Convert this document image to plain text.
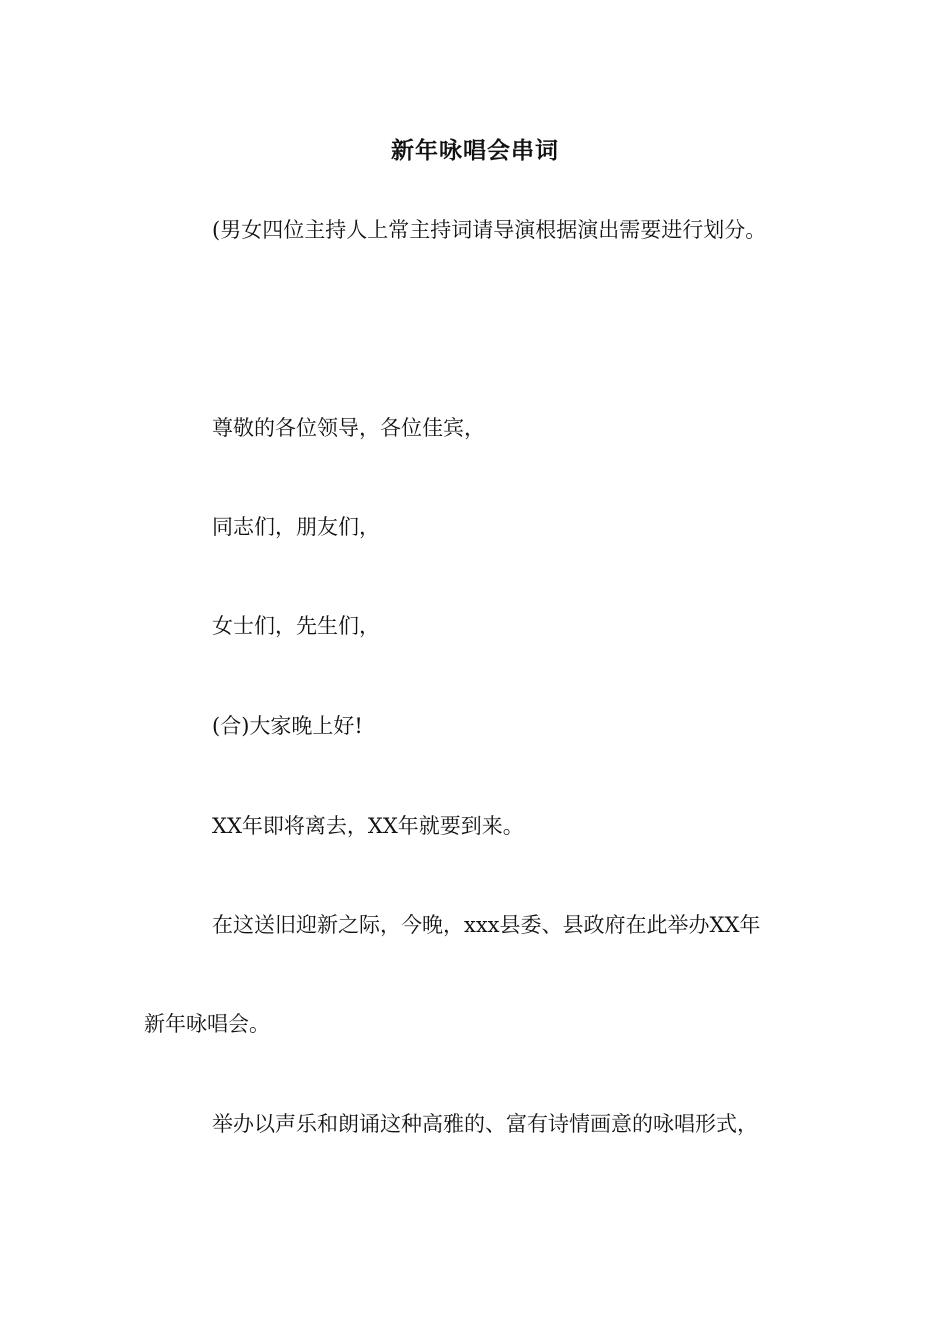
新年咏唱会串词
(男女四位主持人上常主持词请导演根据演出需要进行划分。
尊敬的各位领导，各位佳宾，
同志们，朋友们，
女士们，先生们，
(合)大家晚上好!
XX年即将离去，XX年就要到来。
在这送旧迎新之际，今晚，xxx县委、县政府在此举办XX年
新年咏唱会。
举办以声乐和朗诵这种高雅的、富有诗情画意的咏唱形式，
